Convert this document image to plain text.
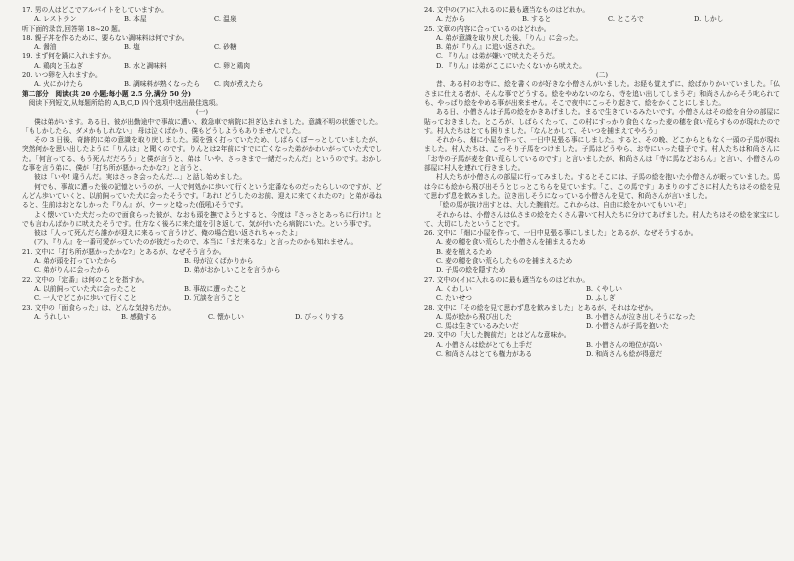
17. 男の人はどこでアルバイトをしていますか。
A. レストラン	B. 本屋	C. 温泉
听下面的录音,回答第 18~20 题。
18. 親子丼を作るために、要らない調味料は何ですか。
A. 醤油	B. 塩	C. 砂糖
19. まず何を鍋に入れますか。
A. 鶏肉と玉ねぎ	B. 水と調味料	C. 卵と鶏肉
20. いつ卵を入れますか。
A. 火にかけたら	B. 調味料が熟くなったら	C. 肉が煮えたら
第二部分　阅读(共 20 小题;每小题 2.5 分,满分 50 分)
　阅读下列短文,从每题所给的 A,B,C,D 四个选项中选出最佳选项。
(一)
僕は弟がいます。ある日、彼が出勤途中で事故に遭い、救急車で病院に担ぎ込まれました。意識不明の状態でした。「もしかしたら、ダメかもしれない」 母は泣くばかり、僕もどうしようもありませんでした。
その 3 日後、奇跡的に弟の意識を取り戻しました。頭を強く打っていたため、しばらくぼーっとしていましたが、突然何かを思い出したように「りんは」と聞くのです。りんとは2年前にすでに亡くなった弟がかわいがっていた犬でした。「何言ってる、もう死んだだろう」と僕が言うと、弟は「いや、さっきまで一緒だったんだ」というのです。おかしな事を言う弟に、僕が「打ち所が悪かったかな?」と言うと、
彼は「いや! 違うんだ。実はさっき会ったんだ…」と話し始めました。
何でも、事故に遭った後の記憶というのが、一人で何処かに歩いて行くという定番なものだったらしいのですが、どんどん歩いていくと、以前飼っていた犬に会ったそうです。「あれ! どうしたのお前、迎えに来てくれたの?」と弟が尋ねると、生前はおとなしかった『りん』が、ウーッと唸った(低吼)そうです。
よく懐いていた犬だったので面食らった彼が、なおも頭を撫でようとすると、今度は『さっさとあっちに行け!』とでも言わんばかりに吠えたそうです。仕方なく後ろに来た道を引き返して、気が付いたら病院にいた。という事です。
彼は「人って死んだら誰かが迎えに来るって言うけど、俺の場合追い返されちゃったよ」
(ア)、『りん』を一番可愛がっていたのが彼だったので、本当に「まだ来るな」と言ったのかも知れません。
21. 文中に「打ち所が悪かったかな?」とあるが、なぜそう言うか。
A. 弟が頭を打っていたから	B. 母が泣くばかりから
C. 弟がりんに会ったから	D. 弟がおかしいことを言うから
22. 文中の「定番」は何のことを指すか。
A. 以前飼っていた犬に会ったこと	B. 事故に遭ったこと
C. 一人でどこかに歩いて行くこと	D. 冗談を言うこと
23. 文中の「面食らった」は、どんな気持ちだか。
A. うれしい	B. 感動する	C. 懐かしい	D. びっくりする
24. 文中の(ア)に入れるのに最も適当なものはどれか。
A. だから	B. すると	C. ところで	D. しかし
25. 文章の内容に合っているのはどれか。
A. 弟が意識を取り戻した後、「りん」に会った。
B. 弟が『りん』に追い返された。
C. 『りん』は弟が嫌いで吠えたそうだ。
D. 『りん』は弟がここにいたくないから吠えた。
(二)
昔、ある村のお寺に、絵を書くのが好きな小僧さんがいました。お経も覚えずに、絵ばかりかいていました。「仏さまに仕える者が、そんな事でどうする。絵をやめないのなら、寺を追い出してしまうぞ」和尚さんからそう叱られても、やっぱり絵をやめる事が出来ません。そこで夜中にこっそり起きて、絵をかくことにしました。
ある日、小僧さんは子馬の絵をかきあげました。まるで生きているみたいです。小僧さんはその絵を自分の部屋に貼っておきました。ところが、しばらくたって、この村にすっかり食色くなった麦の穂を食い荒らすものが現れたのです。村人たちはとても困りました。「なんとかして、そいつを捕まえてやろう」
それから、畑に小屋を作って、一日中見張る事にしました。すると、その晩、どこからともなく一頭の子馬が現れました。村人たちは、こっそり子馬をつけました。子馬はどうやら、お寺にいった様子です。村人たちは和尚さんに「お寺の子馬が麦を食い荒らしているのです」と言いましたが、和尚さんは「寺に馬などおらん」と言い、小僧さんの部屋に村人を連れて行きました。
村人たちが小僧さんの部屋に行ってみました。するとそこには、子馬の絵を抱いた小僧さんが眠っていました。馬は今にも絵から飛び出そうとじっとこちらを見ています。「こ、この馬です」あまりのすごさに村人たちはその絵を見て思わず息を飲みました。泣き出しそうになっている小僧さんを見て、和尚さんが言いました。
「絵の馬が抜け出すとは、大した腕前だ。これからは、自由に絵をかいてもいいぞ」
それからは、小僧さんは仏さまの絵をたくさん書いて村人たちに分けてあげました。村人たちはその絵を家宝にして、大切にしたということです。
26. 文中に「畑に小屋を作って、一日中見張る事にしました」とあるが、なぜそうするか。
A. 麦の穂を食い荒らした小僧さんを捕まえるため
B. 麦を植えるため
C. 麦の穂を食い荒らしたものを捕まえるため
D. 子馬の絵を隠すため
27. 文中の(イ)に入れるのに最も適当なものはどれか。
A. くわしい	B. くやしい
C. たいせつ	D. ふしぎ
28. 文中に「その絵を見て思わず息を飲みました」とあるが、それはなぜか。
A. 馬が絵から飛び出した	B. 小僧さんが泣き出しそうになった
C. 馬は生きているみたいだ	D. 小僧さんが子馬を抱いた
29. 文中の「大した腕前だ」とはどんな意味か。
A. 小僧さんは絵がとても上手だ	B. 小僧さんの地位が高い
C. 和尚さんはとても権力がある	D. 和尚さんも絵が得意だ
